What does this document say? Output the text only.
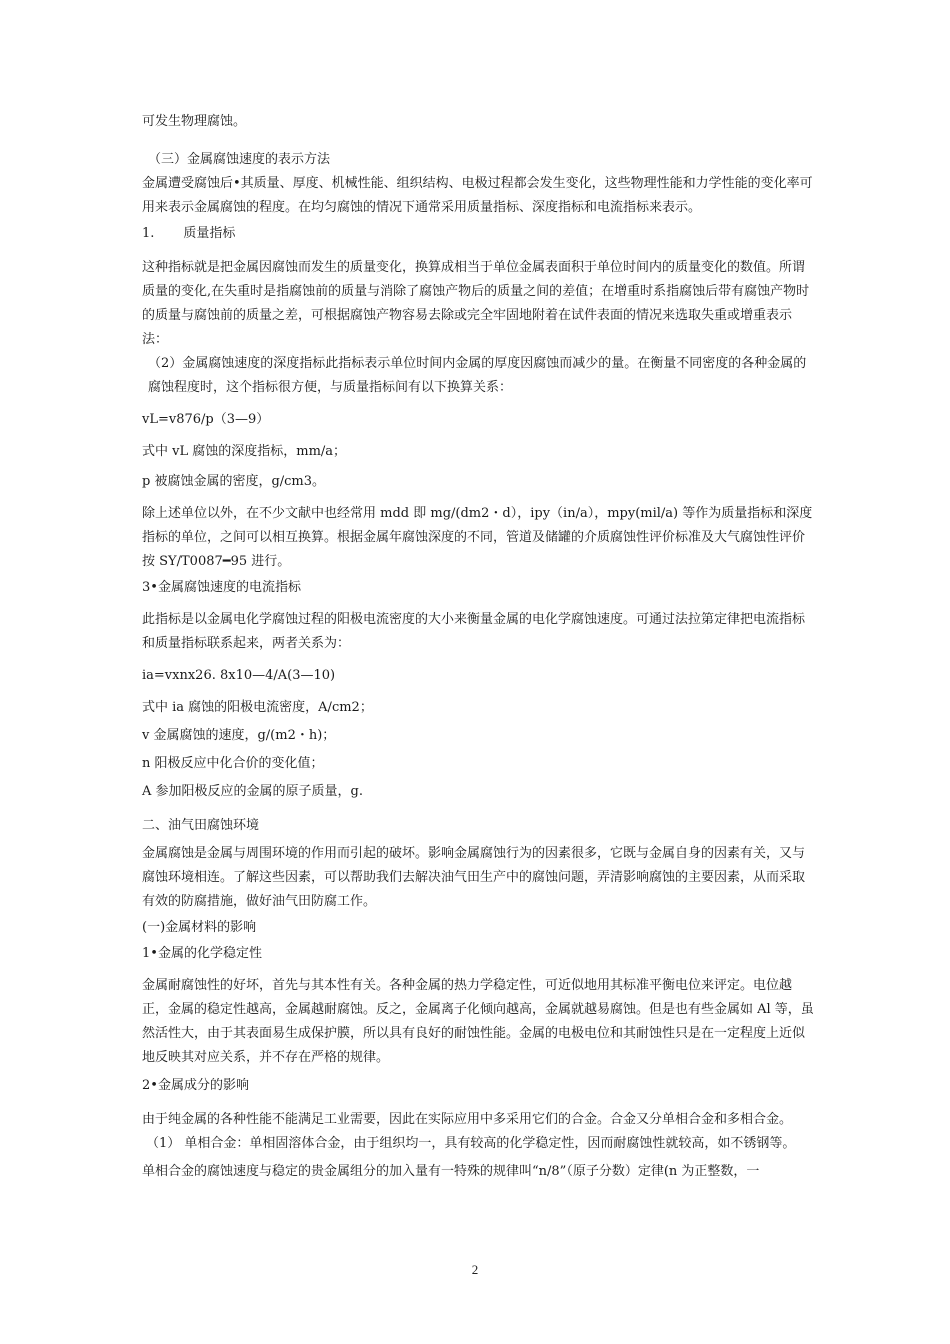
可发生物理腐蚀。

（三）金属腐蚀速度的表示方法

金属遭受腐蚀后•其质量、厚度、机械性能、组织结构、电极过程都会发生变化，这些物理性能和力学性能的变化率可用来表示金属腐蚀的程度。在均匀腐蚀的情况下通常采用质量指标、深度指标和电流指标来表示。

1.       质量指标

这种指标就是把金属因腐蚀而发生的质量变化，换算成相当于单位金属表面积于单位时间内的质量变化的数值。所谓质量的变化,在失重时是指腐蚀前的质量与消除了腐蚀产物后的质量之间的差值；在增重时系指腐蚀后带有腐蚀产物时的质量与腐蚀前的质量之差，可根据腐蚀产物容易去除或完全牢固地附着在试件表面的情况来选取失重或增重表示法：

（2）金属腐蚀速度的深度指标此指标表示单位时间内金属的厚度因腐蚀而减少的量。在衡量不同密度的各种金属的腐蚀程度时，这个指标很方便，与质量指标间有以下换算关系：

vL=v876/p（3—9）

式中 vL 腐蚀的深度指标，mm/a；

p 被腐蚀金属的密度，g/cm3。

除上述单位以外，在不少文献中也经常用 mdd 即 mg/(dm2・d），ipy（in/a），mpy(mil/a) 等作为质量指标和深度指标的单位，之间可以相互换算。根据金属年腐蚀深度的不同，管道及储罐的介质腐蚀性评价标准及大气腐蚀性评价按 SY/T0087━95 进行。

3•金属腐蚀速度的电流指标

此指标是以金属电化学腐蚀过程的阳极电流密度的大小来衡量金属的电化学腐蚀速度。可通过法拉第定律把电流指标和质量指标联系起来，两者关系为：

ia=vxnx26. 8x10—4/A(3—10)

式中 ia 腐蚀的阳极电流密度，A/cm2；

v 金属腐蚀的速度，g/(m2・h)；

n 阳极反应中化合价的变化值；

A 参加阳极反应的金属的原子质量，g.

二、油气田腐蚀环境

金属腐蚀是金属与周围环境的作用而引起的破坏。影响金属腐蚀行为的因素很多，它既与金属自身的因素有关，又与腐蚀环境相连。了解这些因素，可以帮助我们去解决油气田生产中的腐蚀问题，弄清影响腐蚀的主要因素，从而采取有效的防腐措施，做好油气田防腐工作。

(一)金属材料的影响

1•金属的化学稳定性

金属耐腐蚀性的好坏，首先与其本性有关。各种金属的热力学稳定性，可近似地用其标准平衡电位来评定。电位越正，金属的稳定性越高，金属越耐腐蚀。反之，金属离子化倾向越高，金属就越易腐蚀。但是也有些金属如 Al 等，虽然活性大，由于其表面易生成保护膜，所以具有良好的耐蚀性能。金属的电极电位和其耐蚀性只是在一定程度上近似地反映其对应关系，并不存在严格的规律。

2•金属成分的影响

由于纯金属的各种性能不能满足工业需要，因此在实际应用中多采用它们的合金。合金又分单相合金和多相合金。

（1） 单相合金：单相固溶体合金，由于组织均一，具有较高的化学稳定性，因而耐腐蚀性就较高，如不锈钢等。

单相合金的腐蚀速度与稳定的贵金属组分的加入量有一特殊的规律叫“n/8”（原子分数）定律(n 为正整数，一

2
